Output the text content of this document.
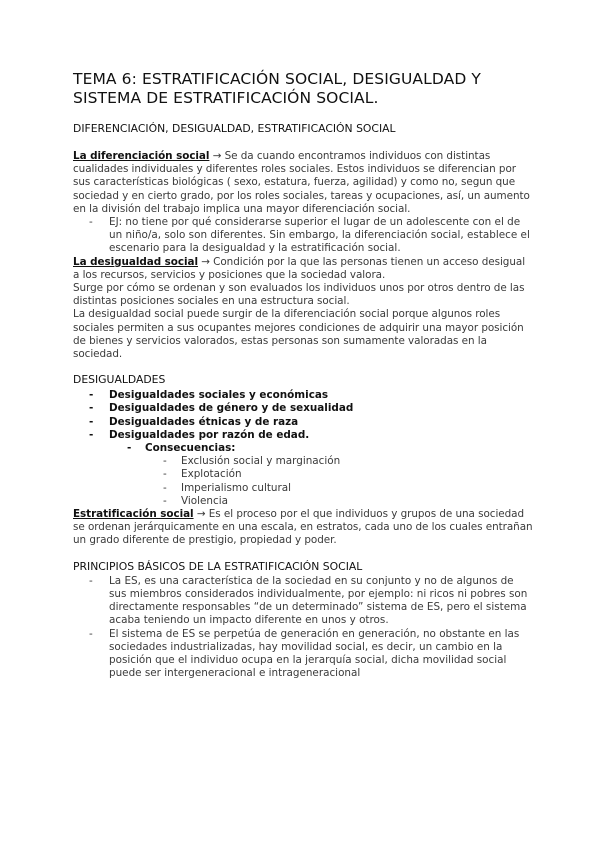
TEMA 6: ESTRATIFICACIÓN SOCIAL, DESIGUALDAD Y SISTEMA DE ESTRATIFICACIÓN SOCIAL.
DIFERENCIACIÓN, DESIGUALDAD, ESTRATIFICACIÓN SOCIAL

La diferenciación social → Se da cuando encontramos individuos con distintas cualidades individuales y diferentes roles sociales. Estos individuos se diferencian por sus características biológicas ( sexo, estatura, fuerza, agilidad) y como no, segun que sociedad y en cierto grado, por los roles sociales, tareas y ocupaciones, así, un aumento en la división del trabajo implica una mayor diferenciación social.

- EJ: no tiene por qué considerarse superior el lugar de un adolescente con el de un niño/a, solo son diferentes. Sin embargo, la diferenciación social, establece el escenario para la desigualdad y la estratificación social.

La desigualdad social → Condición por la que las personas tienen un acceso desigual a los recursos, servicios y posiciones que la sociedad valora.

Surge por cómo se ordenan y son evaluados los individuos unos por otros dentro de las distintas posiciones sociales en una estructura social.

La desigualdad social puede surgir de la diferenciación social porque algunos roles sociales permiten a sus ocupantes mejores condiciones de adquirir una mayor posición de bienes y servicios valorados, estas personas son sumamente valoradas en la sociedad.

DESIGUALDADES
- Desigualdades sociales y económicas
- Desigualdades de género y de sexualidad
- Desigualdades étnicas y de raza
- Desigualdades por razón de edad.
- Consecuencias:
- Exclusión social y marginación
- Explotación
- Imperialismo cultural
- Violencia

Estratificación social → Es el proceso por el que individuos y grupos de una sociedad se ordenan jerárquicamente en una escala, en estratos, cada uno de los cuales entrañan un grado diferente de prestigio, propiedad y poder.

PRINCIPIOS BÁSICOS DE LA ESTRATIFICACIÓN SOCIAL
- La ES, es una característica de la sociedad en su conjunto y no de algunos de sus miembros considerados individualmente, por ejemplo: ni ricos ni pobres son directamente responsables “de un determinado” sistema de ES, pero el sistema acaba teniendo un impacto diferente en unos y otros.
- El sistema de ES se perpetúa de generación en generación, no obstante en las sociedades industrializadas, hay movilidad social, es decir, un cambio en la posición que el individuo ocupa en la jerarquía social, dicha movilidad social puede ser intergeneracional e intrageneracional
